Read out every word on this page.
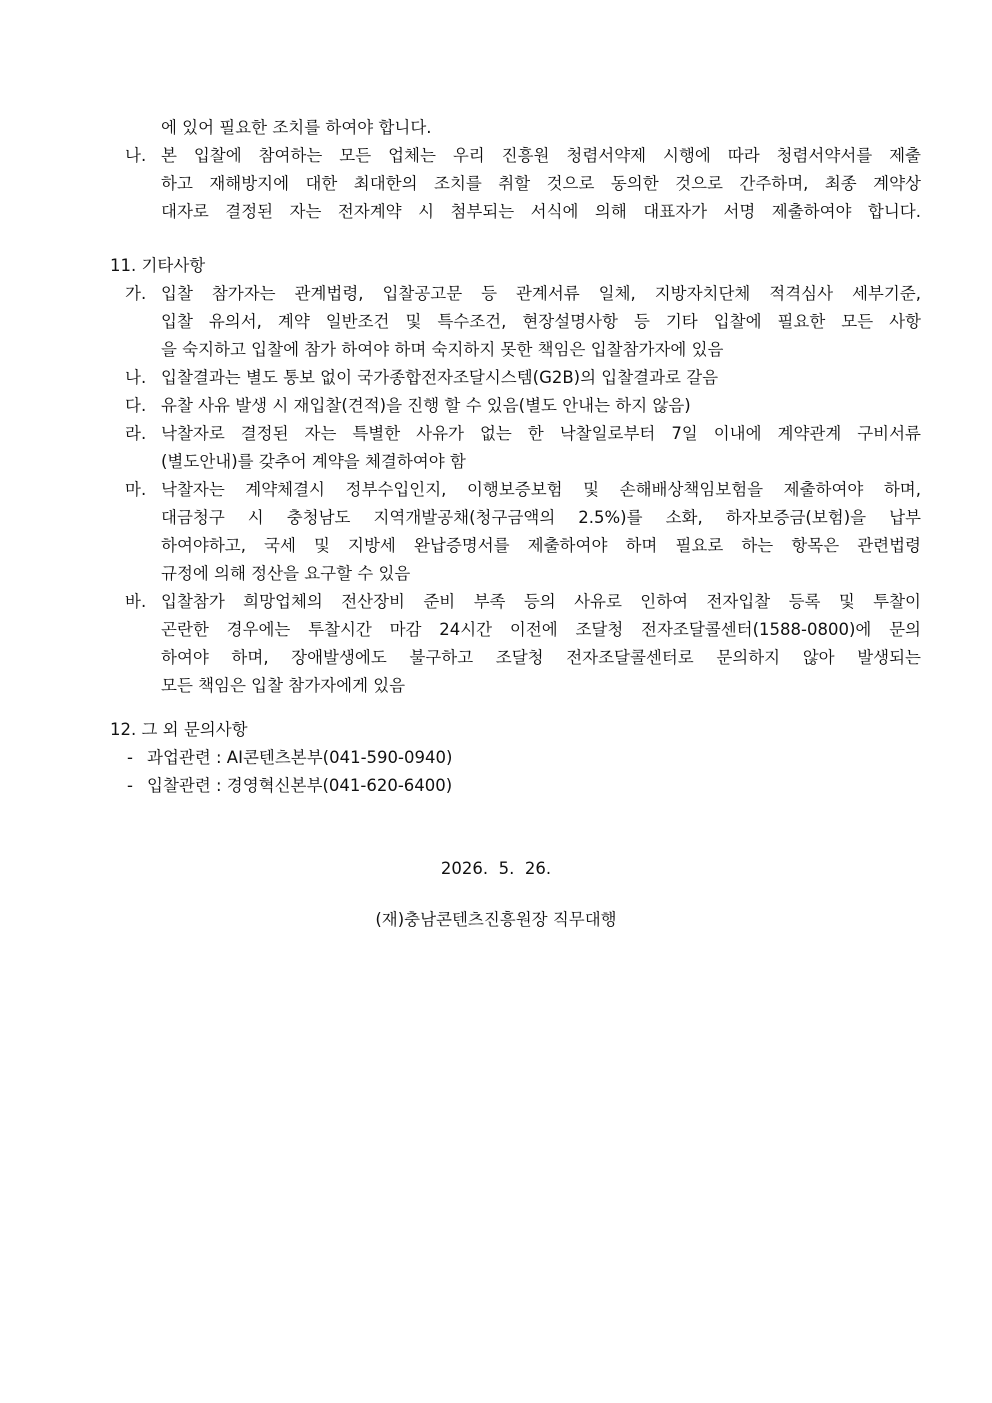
에 있어 필요한 조치를 하여야 합니다.
나. 본 입찰에 참여하는 모든 업체는 우리 진흥원 청렴서약제 시행에 따라 청렴서약서를 제출
하고 재해방지에 대한 최대한의 조치를 취할 것으로 동의한 것으로 간주하며, 최종 계약상
대자로 결정된 자는 전자계약 시 첨부되는 서식에 의해 대표자가 서명 제출하여야 합니다.
11. 기타사항
가. 입찰 참가자는 관계법령, 입찰공고문 등 관계서류 일체, 지방자치단체 적격심사 세부기준,
입찰 유의서, 계약 일반조건 및 특수조건, 현장설명사항 등 기타 입찰에 필요한 모든 사항
을 숙지하고 입찰에 참가 하여야 하며 숙지하지 못한 책임은 입찰참가자에 있음
나. 입찰결과는 별도 통보 없이 국가종합전자조달시스템(G2B)의 입찰결과로 갈음
다. 유찰 사유 발생 시 재입찰(견적)을 진행 할 수 있음(별도 안내는 하지 않음)
라. 낙찰자로 결정된 자는 특별한 사유가 없는 한 낙찰일로부터 7일 이내에 계약관계 구비서류
(별도안내)를 갖추어 계약을 체결하여야 함
마. 낙찰자는 계약체결시 정부수입인지, 이행보증보험 및 손해배상책임보험을 제출하여야 하며,
대금청구 시 충청남도 지역개발공채(청구금액의 2.5%)를 소화, 하자보증금(보험)을 납부
하여야하고, 국세 및 지방세 완납증명서를 제출하여야 하며 필요로 하는 항목은 관련법령
규정에 의해 정산을 요구할 수 있음
바. 입찰참가 희망업체의 전산장비 준비 부족 등의 사유로 인하여 전자입찰 등록 및 투찰이
곤란한 경우에는 투찰시간 마감 24시간 이전에 조달청 전자조달콜센터(1588-0800)에 문의
하여야 하며, 장애발생에도 불구하고 조달청 전자조달콜센터로 문의하지 않아 발생되는
모든 책임은 입찰 참가자에게 있음
12. 그 외 문의사항
- 과업관련 : AI콘텐츠본부(041-590-0940)
- 입찰관련 : 경영혁신본부(041-620-6400)
2026.  5.  26.
(재)충남콘텐츠진흥원장 직무대행
